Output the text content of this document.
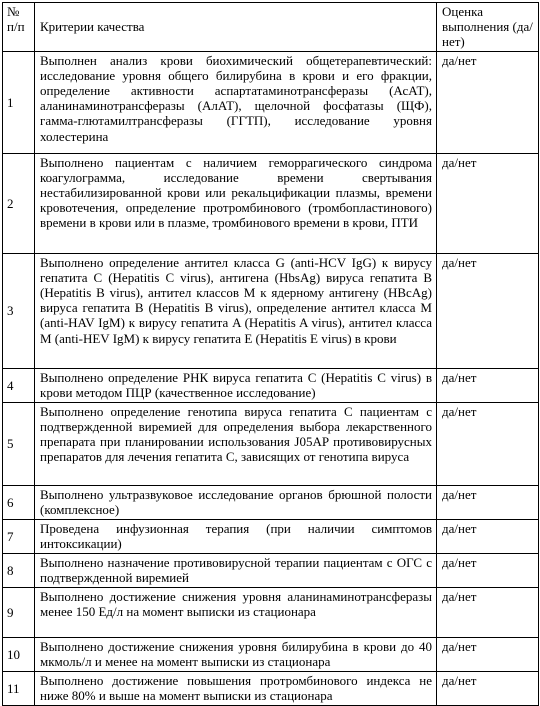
№ п/п	Критерии качества	Оценка выполнения (да/нет)
1	Выполнен анализ крови биохимический общетерапевтический: исследование уровня общего билирубина в крови и его фракции, определение активности аспартатаминотрансферазы (АсАТ), аланинаминотрансферазы (АлАТ), щелочной фосфатазы (ЩФ), гамма-глютамилтрансферазы (ГГТП), исследование уровня холестерина	да/нет
2	Выполнено пациентам с наличием геморрагического синдрома коагулограмма, исследование времени свертывания нестабилизированной крови или рекальцификации плазмы, времени кровотечения, определение протромбинового (тромбопластинового) времени в крови или в плазме, тромбинового времени в крови, ПТИ	да/нет
3	Выполнено определение антител класса G (anti-HCV IgG) к вирусу гепатита C (Hepatitis C virus), антигена (HbsAg) вируса гепатита B (Hepatitis B virus), антител классов M к ядерному антигену (HBcAg) вируса гепатита B (Hepatitis B virus), определение антител класса M (anti-HAV IgM) к вирусу гепатита A (Hepatitis A virus), антител класса M (anti-HEV IgM) к вирусу гепатита E (Hepatitis E virus) в крови	да/нет
4	Выполнено определение РНК вируса гепатита C (Hepatitis C virus) в крови методом ПЦР (качественное исследование)	да/нет
5	Выполнено определение генотипа вируса гепатита C пациентам с подтвержденной виремией для определения выбора лекарственного препарата при планировании использования J05AP противовирусных препаратов для лечения гепатита С, зависящих от генотипа вируса	да/нет
6	Выполнено ультразвуковое исследование органов брюшной полости (комплексное)	да/нет
7	Проведена инфузионная терапия (при наличии симптомов интоксикации)	да/нет
8	Выполнено назначение противовирусной терапии пациентам с ОГС с подтвержденной виремией	да/нет
9	Выполнено достижение снижения уровня аланинаминотрансферазы менее 150 Ед/л на момент выписки из стационара	да/нет
10	Выполнено достижение снижения уровня билирубина в крови до 40 мкмоль/л и менее на момент выписки из стационара	да/нет
11	Выполнено достижение повышения протромбинового индекса не ниже 80% и выше на момент выписки из стационара	да/нет
